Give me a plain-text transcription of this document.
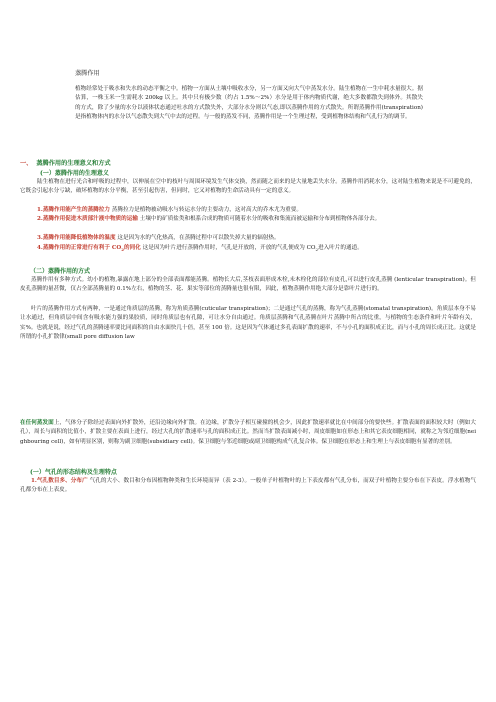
蒸腾作用

植物经常处于吸水和失水的动态平衡之中。植物一方面从土壤中吸收水分，另一方面又向大气中蒸发水分。陆生植物在一生中耗水量很大。据估算，一株玉米一生需耗水 200kg 以上。其中只有极少数（约占 1.5%～2%）水分是用于体内物质代谢，绝大多数都散失到体外。其散失的方式，除了少量的水分以液体状态通过吐水的方式散失外，大部分水分则以气态,即以蒸腾作用的方式散失。所谓蒸腾作用(transpiration) 是指植物体内的水分以气态散失到大气中去的过程。与一般的蒸发不同，蒸腾作用是一个生理过程，受到植物体结构和气孔行为的调节。

一、 蒸腾作用的生理意义和方式
(一）蒸腾作用的生理意义

陆生植物在进行光合和呼吸的过程中，以伸展在空中的枝叶与周围环境发生气体交换，然而随之而来的是大量地丢失水分。蒸腾作用消耗水分，这对陆生植物来说是不可避免的，它既会引起水分亏缺，破坏植物的水分平衡，甚至引起伤害，但同时，它又对植物的生命活动具有一定的意义。

1.蒸腾作用能产生的蒸腾拉力 蒸腾拉力是植物被动吸水与转运水分的主要动力，这对高大的乔木尤为重要。

2.蒸腾作用促进木质部汁液中物质的运输 土壤中的矿质盐类和根系合成的物质可随着水分的吸收和集流而被运输和分布到植物体各部分去。

3.蒸腾作用能降低植物体的温度 这是因为水的气化热高，在蒸腾过程中可以散失掉大量的辐射热。

4.蒸腾作用的正常进行有利于 $CO_2$的同化 这是因为叶片进行蒸腾作用时，气孔是开放的，开放的气孔便成为 $CO_2$进入叶片的通道。

（二）蒸腾作用的方式

蒸腾作用有多种方式。幼小的植物,暴露在地上部分的全部表面都能蒸腾。植物长大后,茎枝表面形成木栓,未木栓化的部位有皮孔,可以进行皮孔蒸腾 (lenticular transpiration)。但皮孔蒸腾的量甚微，仅占全部蒸腾量的 0.1%左右，植物的茎、花、果实等部位的蒸腾量也很有限，因此，植物蒸腾作用绝大部分是靠叶片进行的。

叶片的蒸腾作用方式有两种，一是通过角质层的蒸腾，称为角质蒸腾(cuticular transpiration)；二是通过气孔的蒸腾，称为气孔蒸腾(stomatal transpiration)。角质层本身不易让水通过，但角质层中间含有吸水能力强的果胶质，同时角质层也有孔隙，可让水分自由通过。角质层蒸腾和气孔蒸腾在叶片蒸腾中所占的比重，与植物的生态条件和叶片年龄有关，实%。也就是说，经过气孔的蒸腾速率要比同面积的自由水面快几十倍，甚至 100 倍。这是因为气体通过多孔表面扩散的速率，不与小孔的面积成正比，而与小孔的周长成正比。这就是所谓的小孔扩散律(small pore diffusion law

在任何蒸发面上，气体分子除经过表面向外扩散外，还沿边缘向外扩散。在边缘，扩散分子相互碰撞的机会少，因此扩散速率就比在中间部分的要快些。扩散表面的面积较大时（例如大孔），周长与面积的比值小，扩散主要在表面上进行，经过大孔的扩散速率与孔的面积成正比。然而当扩散表面减小时，周皮细胞如在形态上和其它表皮细胞相同，就称之为邻近细胞(neighbouring cell)，如有明显区别，则称为副卫细胞(subsidiary cell)。保卫细胞与邻近细胞或副卫细胞构成气孔复合体。保卫细胞在形态上和生理上与表皮细胞有显著的差别。

(一）气孔的形态结构及生理特点

1.气孔数目多、分布广 气孔的大小、数目和分布因植物种类和生长环境而异（表 2-3）。一般单子叶植物叶的上下表皮都有气孔分布，而双子叶植物主要分布在下表皮。浮水植物气孔都分布在上表皮。
